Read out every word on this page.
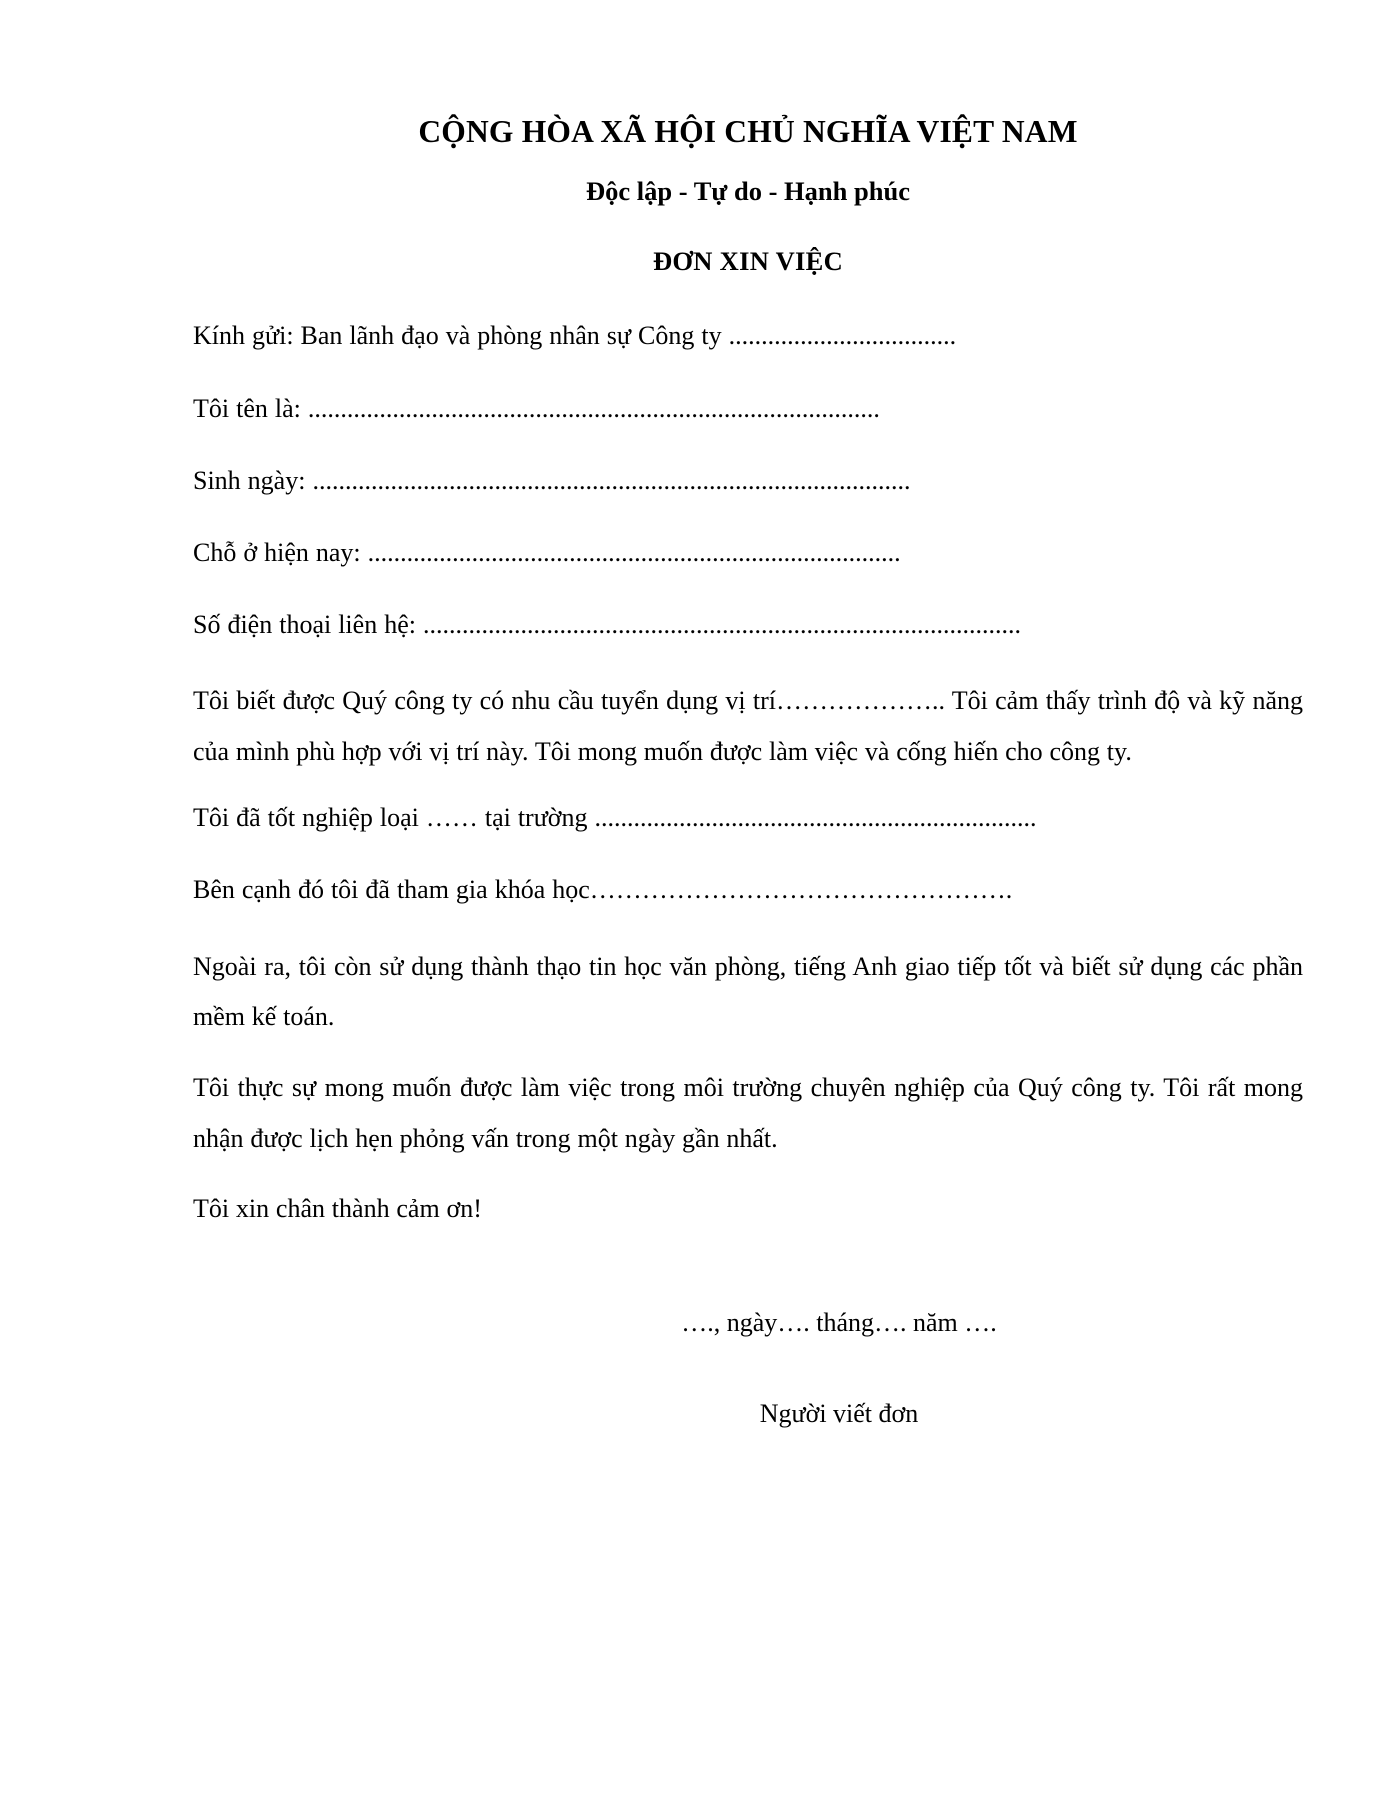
CỘNG HÒA XÃ HỘI CHỦ NGHĨA VIỆT NAM
Độc lập - Tự do - Hạnh phúc
ĐƠN XIN VIỆC

Kính gửi: Ban lãnh đạo và phòng nhân sự Công ty ...................................

Tôi tên là: ........................................................................................

Sinh ngày: ............................................................................................

Chỗ ở hiện nay: ..................................................................................

Số điện thoại liên hệ: ............................................................................................

Tôi biết được Quý công ty có nhu cầu tuyển dụng vị trí……………….. Tôi cảm thấy trình độ và kỹ năng của mình phù hợp với vị trí này. Tôi mong muốn được làm việc và cống hiến cho công ty.

Tôi đã tốt nghiệp loại …… tại trường ....................................................................

Bên cạnh đó tôi đã tham gia khóa học………………………………………….

Ngoài ra, tôi còn sử dụng thành thạo tin học văn phòng, tiếng Anh giao tiếp tốt và biết sử dụng các phần mềm kế toán.

Tôi thực sự mong muốn được làm việc trong môi trường chuyên nghiệp của Quý công ty. Tôi rất mong nhận được lịch hẹn phỏng vấn trong một ngày gần nhất.

Tôi xin chân thành cảm ơn!

…., ngày…. tháng…. năm ….

Người viết đơn
